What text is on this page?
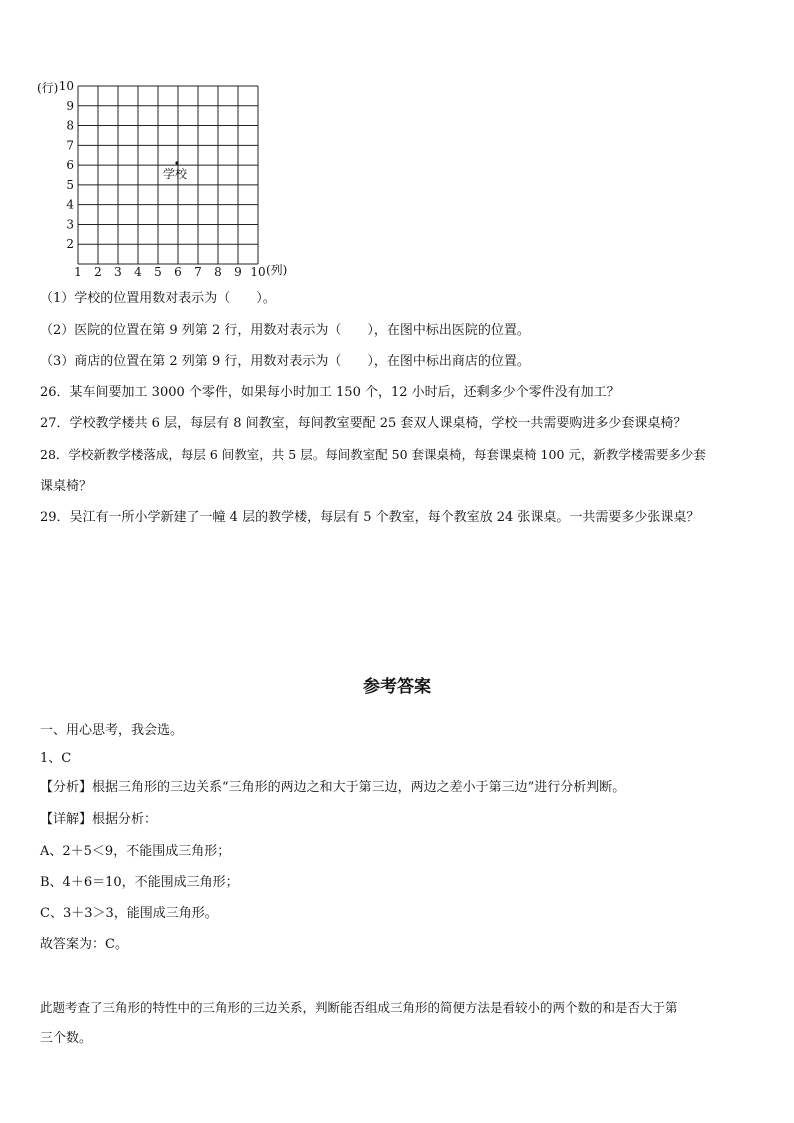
(行)
(列)
2
3
4
5
6
7
8
9
10
1 2 3 4 5 6 7 8 9 10
学校
（1）学校的位置用数对表示为（　　）。
（2）医院的位置在第 9 列第 2 行，用数对表示为（　　），在图中标出医院的位置。
（3）商店的位置在第 2 列第 9 行，用数对表示为（　　），在图中标出商店的位置。
26．某车间要加工 3000 个零件，如果每小时加工 150 个，12 小时后，还剩多少个零件没有加工？
27．学校教学楼共 6 层，每层有 8 间教室，每间教室要配 25 套双人课桌椅，学校一共需要购进多少套课桌椅？
28．学校新教学楼落成，每层 6 间教室，共 5 层。每间教室配 50 套课桌椅，每套课桌椅 100 元，新教学楼需要多少套
课桌椅？
29．吴江有一所小学新建了一幢 4 层的教学楼，每层有 5 个教室，每个教室放 24 张课桌。一共需要多少张课桌？
参考答案
一、用心思考，我会选。
1、C
【分析】根据三角形的三边关系“三角形的两边之和大于第三边，两边之差小于第三边”进行分析判断。
【详解】根据分析：
A、2＋5＜9，不能围成三角形；
B、4＋6＝10，不能围成三角形；
C、3＋3＞3，能围成三角形。
故答案为：C。
此题考查了三角形的特性中的三角形的三边关系，判断能否组成三角形的简便方法是看较小的两个数的和是否大于第
三个数。
